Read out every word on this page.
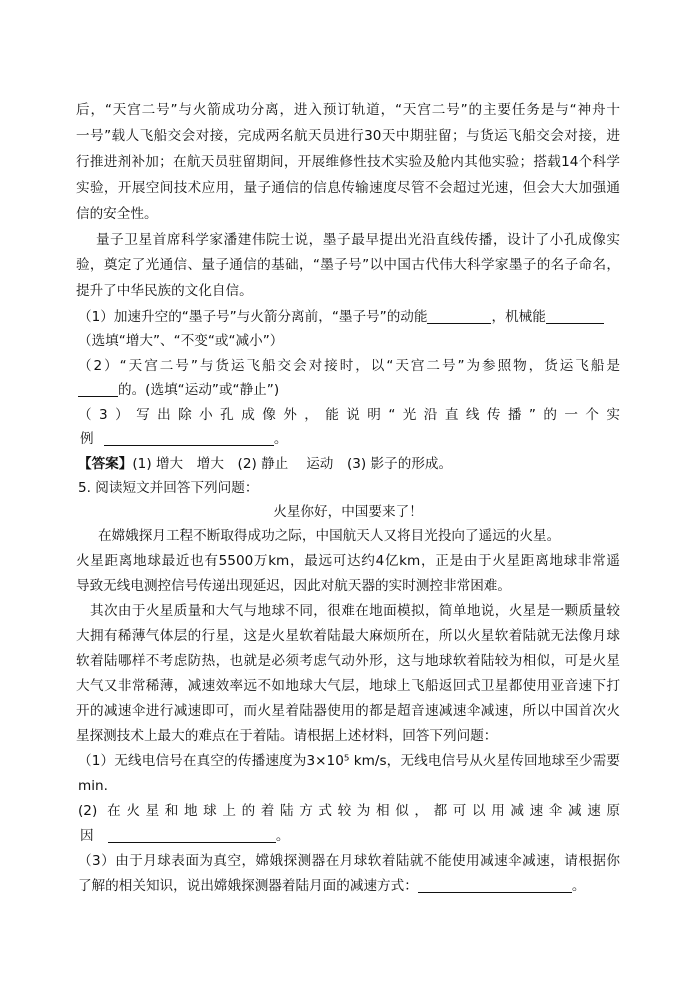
后，“天宫二号”与火箭成功分离，进入预订轨道，“天宫二号”的主要任务是与“神舟十
一号”载人飞船交会对接，完成两名航天员进行30天中期驻留；与货运飞船交会对接，进
行推进剂补加；在航天员驻留期间，开展维修性技术实验及舱内其他实验；搭载14个科学
实验，开展空间技术应用，量子通信的信息传输速度尽管不会超过光速，但会大大加强通
信的安全性。
量子卫星首席科学家潘建伟院士说，墨子最早提出光沿直线传播，设计了小孔成像实
验，奠定了光通信、量子通信的基础，“墨子号”以中国古代伟大科学家墨子的名子命名，
提升了中华民族的文化自信。
（1）加速升空的“墨子号”与火箭分离前，“墨子号”的动能	，机械能
（选填“增大”、“不变“或“减小”）
（2）“天宫二号”与货运飞船交会对接时，以“天宫二号”为参照物，货运飞船是
的。(选填“运动”或“静止”)
（3）写出除小孔成像外，能说明“光沿直线传播”的一个实
例	。
【答案】(1) 增大　增大　(2) 静止　 运动　(3) 影子的形成。
5. 阅读短文并回答下列问题：
火星你好，中国要来了！
在嫦娥探月工程不断取得成功之际，中国航天人又将目光投向了遥远的火星。
火星距离地球最近也有5500万km，最远可达约4亿km，正是由于火星距离地球非常遥
导致无线电测控信号传递出现延迟，因此对航天器的实时测控非常困难。
其次由于火星质量和大气与地球不同，很难在地面模拟，简单地说，火星是一颗质量较
大拥有稀薄气体层的行星，这是火星软着陆最大麻烦所在，所以火星软着陆就无法像月球
软着陆哪样不考虑防热，也就是必须考虑气动外形，这与地球软着陆较为相似，可是火星
大气又非常稀薄，减速效率远不如地球大气层，地球上飞船返回式卫星都使用亚音速下打
开的减速伞进行减速即可，而火星着陆器使用的都是超音速减速伞减速，所以中国首次火
星探测技术上最大的难点在于着陆。请根据上述材料，回答下列问题：
（1）无线电信号在真空的传播速度为3×10⁵ km/s，无线电信号从火星传回地球至少需要
min.
(2) 在火星和地球上的着陆方式较为相似，都可以用减速伞减速原
因	。
（3）由于月球表面为真空，嫦娥探测器在月球软着陆就不能使用减速伞减速，请根据你
了解的相关知识，说出嫦娥探测器着陆月面的减速方式：	。
